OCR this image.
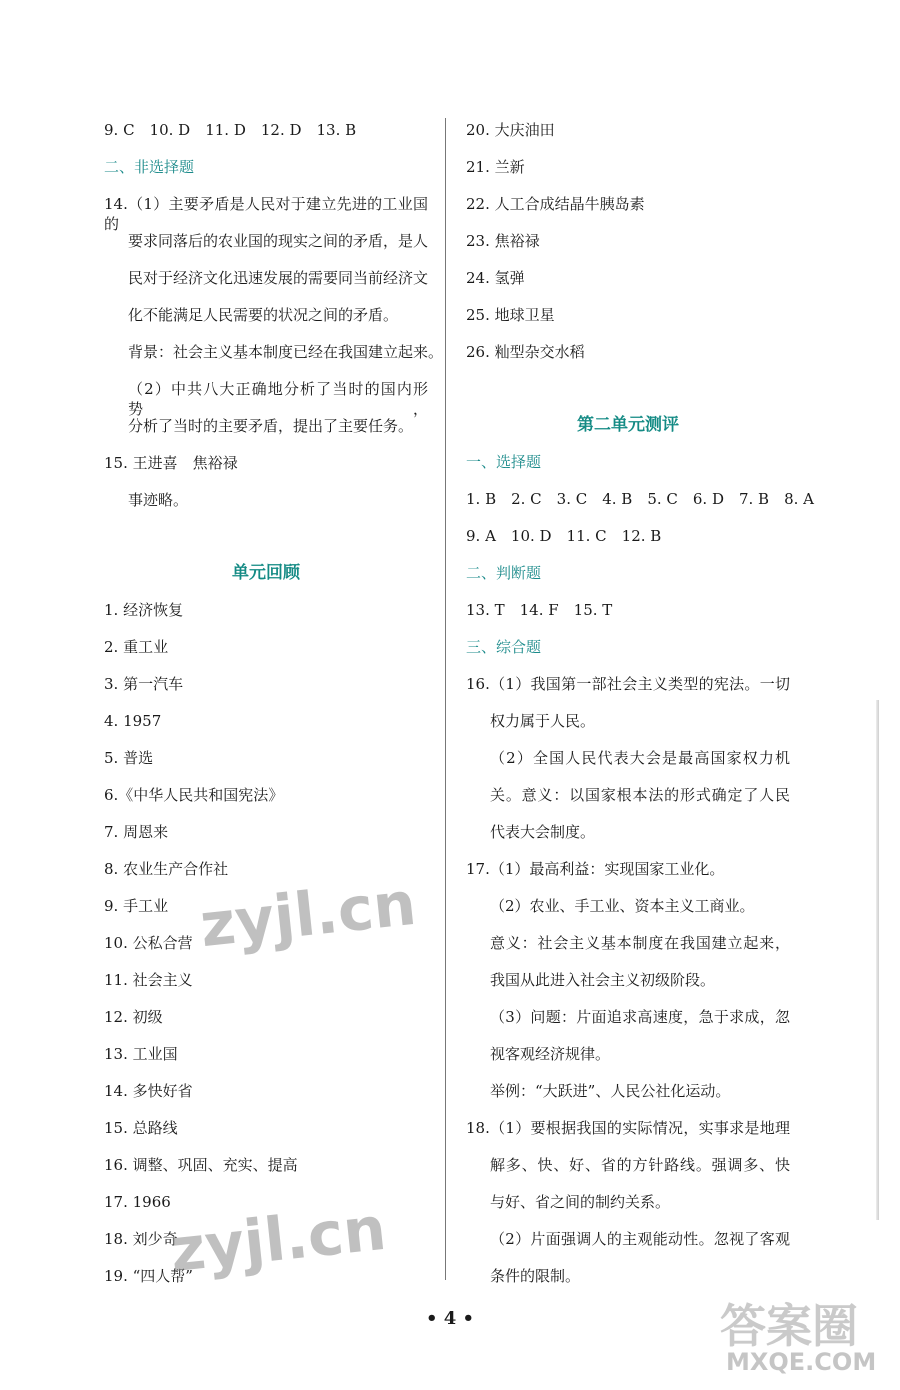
9. C　10. D　11. D　12. D　13. B
二、非选择题
14.（1）主要矛盾是人民对于建立先进的工业国的
要求同落后的农业国的现实之间的矛盾，是人
民对于经济文化迅速发展的需要同当前经济文
化不能满足人民需要的状况之间的矛盾。
背景：社会主义基本制度已经在我国建立起来。
（2）中共八大正确地分析了当时的国内形势，
分析了当时的主要矛盾，提出了主要任务。
15. 王进喜　焦裕禄
事迹略。
单元回顾
1. 经济恢复
2. 重工业
3. 第一汽车
4. 1957
5. 普选
6.《中华人民共和国宪法》
7. 周恩来
8. 农业生产合作社
9. 手工业
10. 公私合营
11. 社会主义
12. 初级
13. 工业国
14. 多快好省
15. 总路线
16. 调整、巩固、充实、提高
17. 1966
18. 刘少奇
19. “四人帮”
20. 大庆油田
21. 兰新
22. 人工合成结晶牛胰岛素
23. 焦裕禄
24. 氢弹
25. 地球卫星
26. 籼型杂交水稻
第二单元测评
一、选择题
1. B　2. C　3. C　4. B　5. C　6. D　7. B　8. A
9. A　10. D　11. C　12. B
二、判断题
13. T　14. F　15. T
三、综合题
16.（1）我国第一部社会主义类型的宪法。一切
权力属于人民。
（2）全国人民代表大会是最高国家权力机
关。意义：以国家根本法的形式确定了人民
代表大会制度。
17.（1）最高利益：实现国家工业化。
（2）农业、手工业、资本主义工商业。
意义：社会主义基本制度在我国建立起来，
我国从此进入社会主义初级阶段。
（3）问题：片面追求高速度，急于求成，忽
视客观经济规律。
举例：“大跃进”、人民公社化运动。
18.（1）要根据我国的实际情况，实事求是地理
解多、快、好、省的方针路线。强调多、快
与好、省之间的制约关系。
（2）片面强调人的主观能动性。忽视了客观
条件的限制。
• 4 •
zyjl.cn
zyjl.cn
答案圈
MXQE.COM
